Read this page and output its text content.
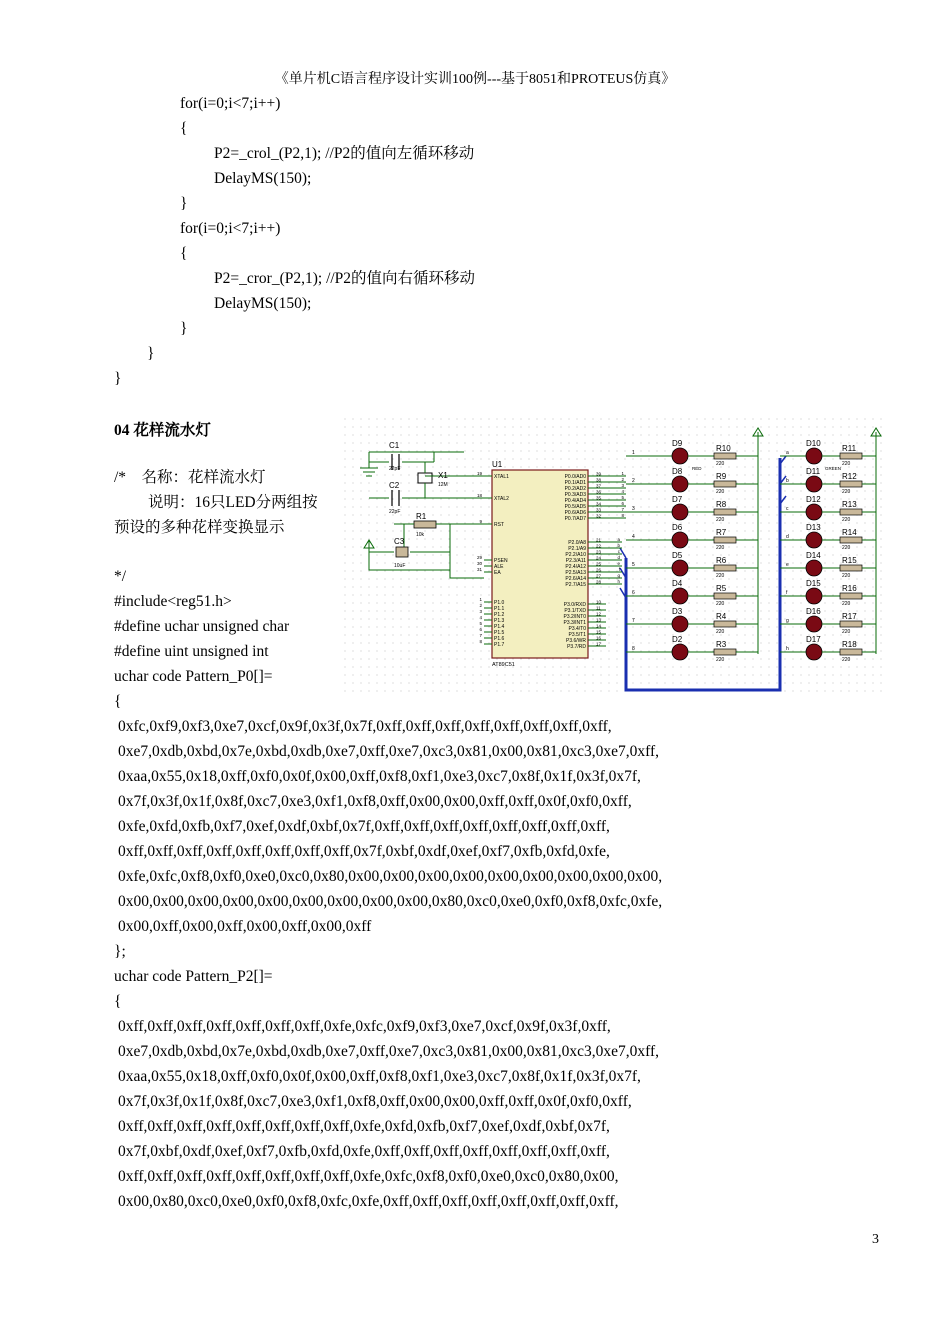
《单片机C语言程序设计实训100例---基于8051和PROTEUS仿真》
for(i=0;i<7;i++)
{
P2=_crol_(P2,1); //P2的值向左循环移动
DelayMS(150);
}
for(i=0;i<7;i++)
{
P2=_cror_(P2,1); //P2的值向右循环移动
DelayMS(150);
}
}
}
04 花样流水灯
/*    名称：花样流水灯
说明：16只LED分两组按预设的多种花样变换显示
*/
#include<reg51.h>
#define uchar unsigned char
#define uint unsigned int
uchar code Pattern_P0[]=
{
0xfc,0xf9,0xf3,0xe7,0xcf,0x9f,0x3f,0x7f,0xff,0xff,0xff,0xff,0xff,0xff,0xff,0xff,
0xe7,0xdb,0xbd,0x7e,0xbd,0xdb,0xe7,0xff,0xe7,0xc3,0x81,0x00,0x81,0xc3,0xe7,0xff,
0xaa,0x55,0x18,0xff,0xf0,0x0f,0x00,0xff,0xf8,0xf1,0xe3,0xc7,0x8f,0x1f,0x3f,0x7f,
0x7f,0x3f,0x1f,0x8f,0xc7,0xe3,0xf1,0xf8,0xff,0x00,0x00,0xff,0xff,0x0f,0xf0,0xff,
0xfe,0xfd,0xfb,0xf7,0xef,0xdf,0xbf,0x7f,0xff,0xff,0xff,0xff,0xff,0xff,0xff,0xff,
0xff,0xff,0xff,0xff,0xff,0xff,0xff,0xff,0x7f,0xbf,0xdf,0xef,0xf7,0xfb,0xfd,0xfe,
0xfe,0xfc,0xf8,0xf0,0xe0,0xc0,0x80,0x00,0x00,0x00,0x00,0x00,0x00,0x00,0x00,0x00,
0x00,0x00,0x00,0x00,0x00,0x00,0x00,0x00,0x00,0x80,0xc0,0xe0,0xf0,0xf8,0xfc,0xfe,
0x00,0xff,0x00,0xff,0x00,0xff,0x00,0xff
};
uchar code Pattern_P2[]=
{
0xff,0xff,0xff,0xff,0xff,0xff,0xff,0xfe,0xfc,0xf9,0xf3,0xe7,0xcf,0x9f,0x3f,0xff,
0xe7,0xdb,0xbd,0x7e,0xbd,0xdb,0xe7,0xff,0xe7,0xc3,0x81,0x00,0x81,0xc3,0xe7,0xff,
0xaa,0x55,0x18,0xff,0xf0,0x0f,0x00,0xff,0xf8,0xf1,0xe3,0xc7,0x8f,0x1f,0x3f,0x7f,
0x7f,0x3f,0x1f,0x8f,0xc7,0xe3,0xf1,0xf8,0xff,0x00,0x00,0xff,0xff,0x0f,0xf0,0xff,
0xff,0xff,0xff,0xff,0xff,0xff,0xff,0xff,0xfe,0xfd,0xfb,0xf7,0xef,0xdf,0xbf,0x7f,
0x7f,0xbf,0xdf,0xef,0xf7,0xfb,0xfd,0xfe,0xff,0xff,0xff,0xff,0xff,0xff,0xff,0xff,
0xff,0xff,0xff,0xff,0xff,0xff,0xff,0xff,0xfe,0xfc,0xf8,0xf0,0xe0,0xc0,0x80,0x00,
0x00,0x80,0xc0,0xe0,0xf0,0xf8,0xfc,0xfe,0xff,0xff,0xff,0xff,0xff,0xff,0xff,0xff,
3
C1
22pF
C2
22pF
X1
12M
R1
10k
C3
10uF
U1
AT89C51
XTAL1
19
XTAL2
18
RST
9
PSEN
29
ALE
30
EA
31
P1.0
1
P1.1
2
P1.2
3
P1.3
4
P1.4
5
P1.5
6
P1.6
7
P1.7
8
P0.0/AD0 39
P0.1/AD1 38
P0.2/AD2 37
P0.3/AD3 36
P0.4/AD4 35
P0.5/AD5 34
P0.6/AD6 33
P0.7/AD7 32
P2.0/A8 21
P2.1/A9 22
P2.2/A10 23
P2.3/A11 24
P2.4/A12 25
P2.5/A13 26
P2.6/A14 27
P2.7/A15 28
P3.0/RXD 10
P3.1/TXD 11
P3.2/INT0 12
P3.3/INT1 13
P3.4/T0 14
P3.5/T1 15
P3.6/WR 16
P3.7/RD 17
1
2
3
4
5
6
7
8
a
b
c
d
e
f
g
h
1
D9
R10
220
2
D8
R9
220
3
D7
R8
220
4
D6
R7
220
5
D5
R6
220
6
D4
R5
220
7
D3
R4
220
8
D2
R3
220
a
D10
R11
220
b
D11
R12
220
c
D12
R13
220
d
D13
R14
220
e
D14
R15
220
f
D15
R16
220
g
D16
R17
220
h
D17
R18
220
RED	GREEN
